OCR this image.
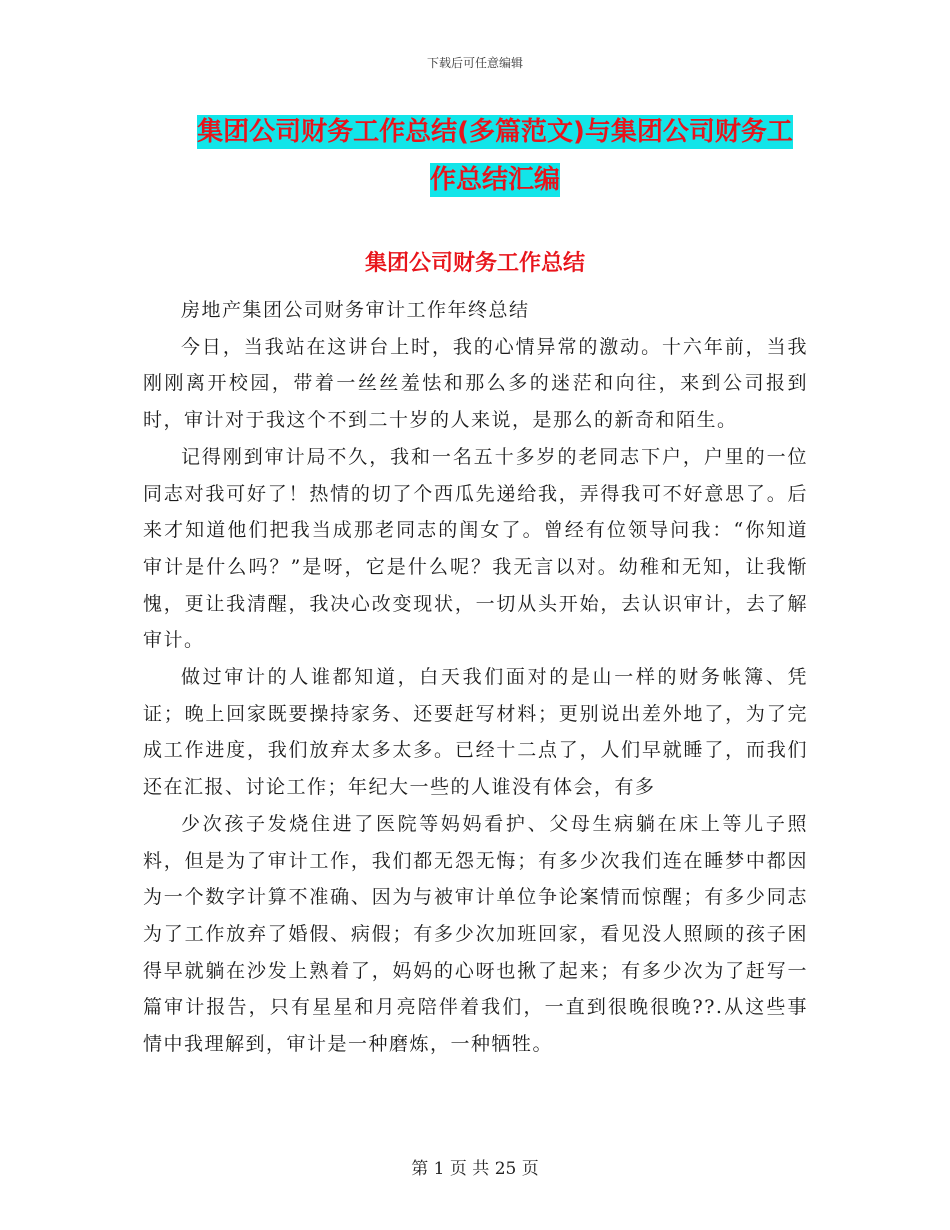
下载后可任意编辑
集团公司财务工作总结(多篇范文)与集团公司财务工
作总结汇编
集团公司财务工作总结

房地产集团公司财务审计工作年终总结

今日，当我站在这讲台上时，我的心情异常的激动。十六年前，当我刚刚离开校园，带着一丝丝羞怯和那么多的迷茫和向往，来到公司报到时，审计对于我这个不到二十岁的人来说，是那么的新奇和陌生。

记得刚到审计局不久，我和一名五十多岁的老同志下户，户里的一位同志对我可好了！热情的切了个西瓜先递给我，弄得我可不好意思了。后来才知道他们把我当成那老同志的闺女了。曾经有位领导问我：“你知道审计是什么吗？”是呀，它是什么呢？我无言以对。幼稚和无知，让我惭愧，更让我清醒，我决心改变现状，一切从头开始，去认识审计，去了解审计。

做过审计的人谁都知道，白天我们面对的是山一样的财务帐簿、凭证；晚上回家既要操持家务、还要赶写材料；更别说出差外地了，为了完成工作进度，我们放弃太多太多。已经十二点了，人们早就睡了，而我们还在汇报、讨论工作；年纪大一些的人谁没有体会，有多

少次孩子发烧住进了医院等妈妈看护、父母生病躺在床上等儿子照料，但是为了审计工作，我们都无怨无悔；有多少次我们连在睡梦中都因为一个数字计算不准确、因为与被审计单位争论案情而惊醒；有多少同志为了工作放弃了婚假、病假；有多少次加班回家，看见没人照顾的孩子困得早就躺在沙发上熟着了，妈妈的心呀也揪了起来；有多少次为了赶写一篇审计报告，只有星星和月亮陪伴着我们，一直到很晚很晚??.从这些事情中我理解到，审计是一种磨炼，一种牺牲。

第 1 页 共 25 页
